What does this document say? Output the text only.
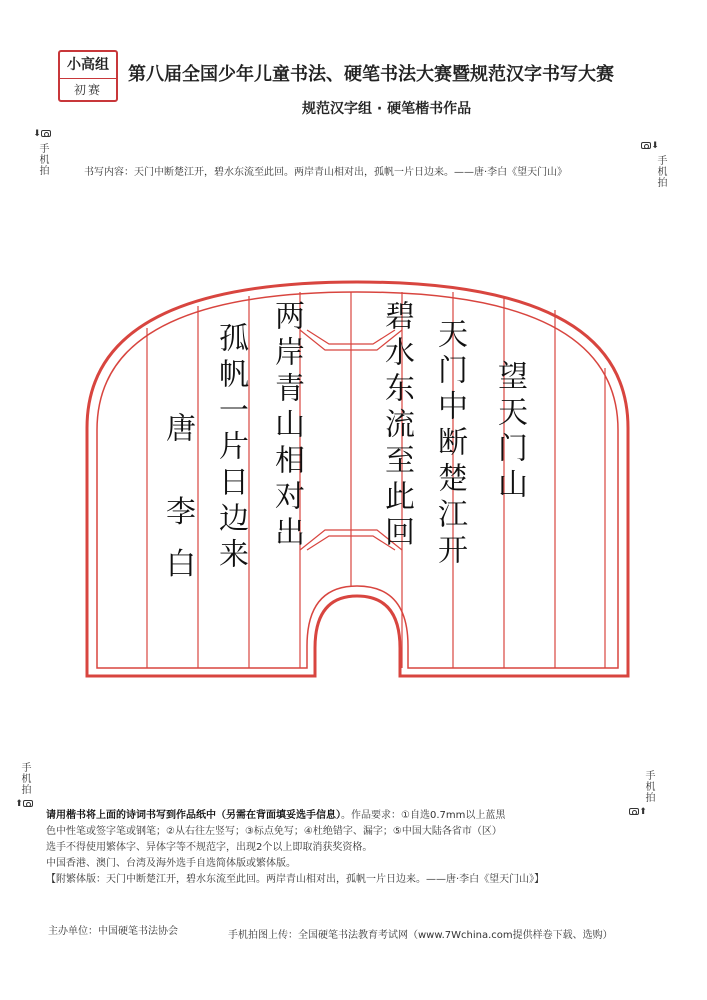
小高组
初赛
第八届全国少年儿童书法、硬笔书法大赛暨规范汉字书写大赛
规范汉字组 · 硬笔楷书作品
⬇
手机拍	⬇
手机拍
手机拍
⬆
手机拍
⬆
书写内容：天门中断楚江开，碧水东流至此回。两岸青山相对出，孤帆一片日边来。——唐·李白《望天门山》
望天门山
天门中断楚江开
碧水东流至此回
两岸青山相对出
孤帆一片日边来
唐 李白
请用楷书将上面的诗词书写到作品纸中（另需在背面填妥选手信息）。作品要求：①自选0.7mm以上蓝黑
色中性笔或签字笔或钢笔；②从右往左竖写；③标点免写；④杜绝错字、漏字；⑤中国大陆各省市（区）
选手不得使用繁体字、异体字等不规范字，出现2个以上即取消获奖资格。
中国香港、澳门、台湾及海外选手自选简体版或繁体版。
【附繁体版：天门中断楚江开，碧水东流至此回。两岸青山相对出，孤帆一片日边来。——唐·李白《望天门山》】
主办单位：中国硬笔书法协会	手机拍图上传：全国硬笔书法教育考试网（www.7Wchina.com提供样卷下载、选购）
